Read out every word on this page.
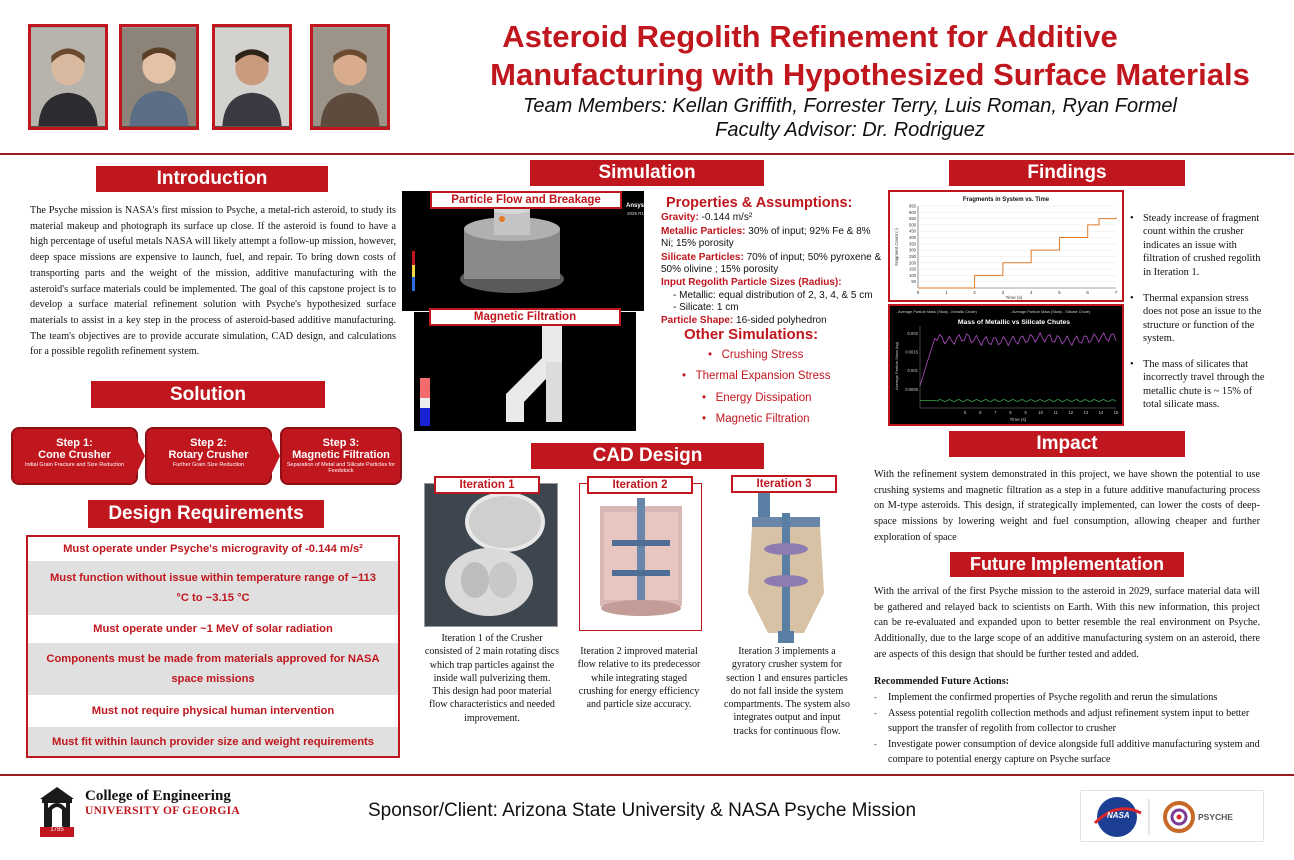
Asteroid Regolith Refinement for Additive
Manufacturing with Hypothesized Surface Materials
Team Members: Kellan Griffith, Forrester Terry, Luis Roman, Ryan Formel
Faculty Advisor: Dr. Rodriguez
Introduction
The Psyche mission is NASA's first mission to Psyche, a metal-rich asteroid, to study its material makeup and photograph its surface up close. If the asteroid is found to have a high percentage of useful metals NASA will likely attempt a follow-up mission, however, deep space missions are expensive to launch, fuel, and repair. To bring down costs of transporting parts and the weight of the mission, additive manufacturing with the asteroid's surface materials could be implemented. The goal of this capstone project is to develop a surface material refinement solution with Psyche's hypothesized surface materials to assist in a key step in the process of asteroid-based additive manufacturing. The team's objectives are to provide accurate simulation, CAD design, and calculations for a possible regolith refinement system.
Solution
Step 1:
Cone Crusher
Initial Grain Fracture and Size Reduction
Step 2:
Rotary Crusher
Further Grain Size Reduction
Step 3:
Magnetic Filtration
Separation of Metal and Silicate Particles for Feedstock
Design Requirements
Must operate under Psyche's microgravity of -0.144 m/s²
Must function without issue within temperature range of −113 °C to −3.15 °C
Must operate under ~1 MeV of solar radiation
Components must be made from materials approved for NASA space missions
Must not require physical human intervention
Must fit within launch provider size and weight requirements
Simulation
Particle Flow and Breakage	Ansys
2025 R1
Magnetic Filtration
Properties & Assumptions:
Gravity: -0.144 m/s²
Metallic Particles: 30% of input; 92% Fe & 8% Ni; 15% porosity
Silicate Particles: 70% of input; 50% pyroxene & 50% olivine ; 15% porosity
Input Regolith Particle Sizes (Radius):
- Metallic: equal distribution of 2, 3, 4, & 5 cm
- Silicate: 1 cm
Particle Shape: 16-sided polyhedron
Other Simulations:
•   Crushing Stress
•   Thermal Expansion Stress
•   Energy Dissipation
•   Magnetic Filtration
CAD Design
Iteration 1	Iteration 2	Iteration 3
Iteration 1 of the Crusher consisted of 2 main rotating discs which trap particles against the inside wall pulverizing them. This design had poor material flow characteristics and needed improvement.
Iteration 2 improved material flow relative to its predecessor while integrating staged crushing for energy efficiency and particle size accuracy.
Iteration 3 implements a gyratory crusher system for section 1 and ensures particles do not fall inside the system compartments. The system also integrates output and input tracks for continuous flow.
Findings
Fragments in System vs. Time
50
100
150
200
250
300
350
400
450
500
550
600
650
0	1	2	3	4	5	6	7
Time (s)
Fragment Count (-)
- Average Particle Mass (Study - Metallic Chute)	- Average Particle Mass (Study - Silicate Chute)
Mass of Metallic vs Silicate Chutes
0.0005
0.001
0.0015
0.002
5	6	7	8	9	10	11	12 13 14 15
Time (s)
Average Particle Mass (kg)
• Steady increase of fragment count within the crusher indicates an issue with filtration of crushed regolith in Iteration 1.
• Thermal expansion stress does not pose an issue to the structure or function of the system.
• The mass of silicates that incorrectly travel through the metallic chute is ~ 15% of total silicate mass.
Impact
With the refinement system demonstrated in this project, we have shown the potential to use crushing systems and magnetic filtration as a step in a future additive manufacturing process on M-type asteroids. This design, if strategically implemented, can lower the costs of deep-space missions by lowering weight and fuel consumption, allowing cheaper and further exploration of space
Future Implementation
With the arrival of the first Psyche mission to the asteroid in 2029, surface material data will be gathered and relayed back to scientists on Earth. With this new information, this project can be re-evaluated and expanded upon to better resemble the real environment on Psyche. Additionally, due to the large scope of an additive manufacturing system on an asteroid, there are aspects of this design that should be further tested and added.
Recommended Future Actions:
- Implement the confirmed properties of Psyche regolith and rerun the simulations
- Assess potential regolith collection methods and adjust refinement system input to better support the transfer of regolith from collector to crusher
- Investigate power consumption of device alongside full additive manufacturing system and compare to potential energy capture on Psyche surface
1785
College of Engineering
UNIVERSITY OF GEORGIA	Sponsor/Client: Arizona State University & NASA Psyche Mission	NASA	PSYCHE
